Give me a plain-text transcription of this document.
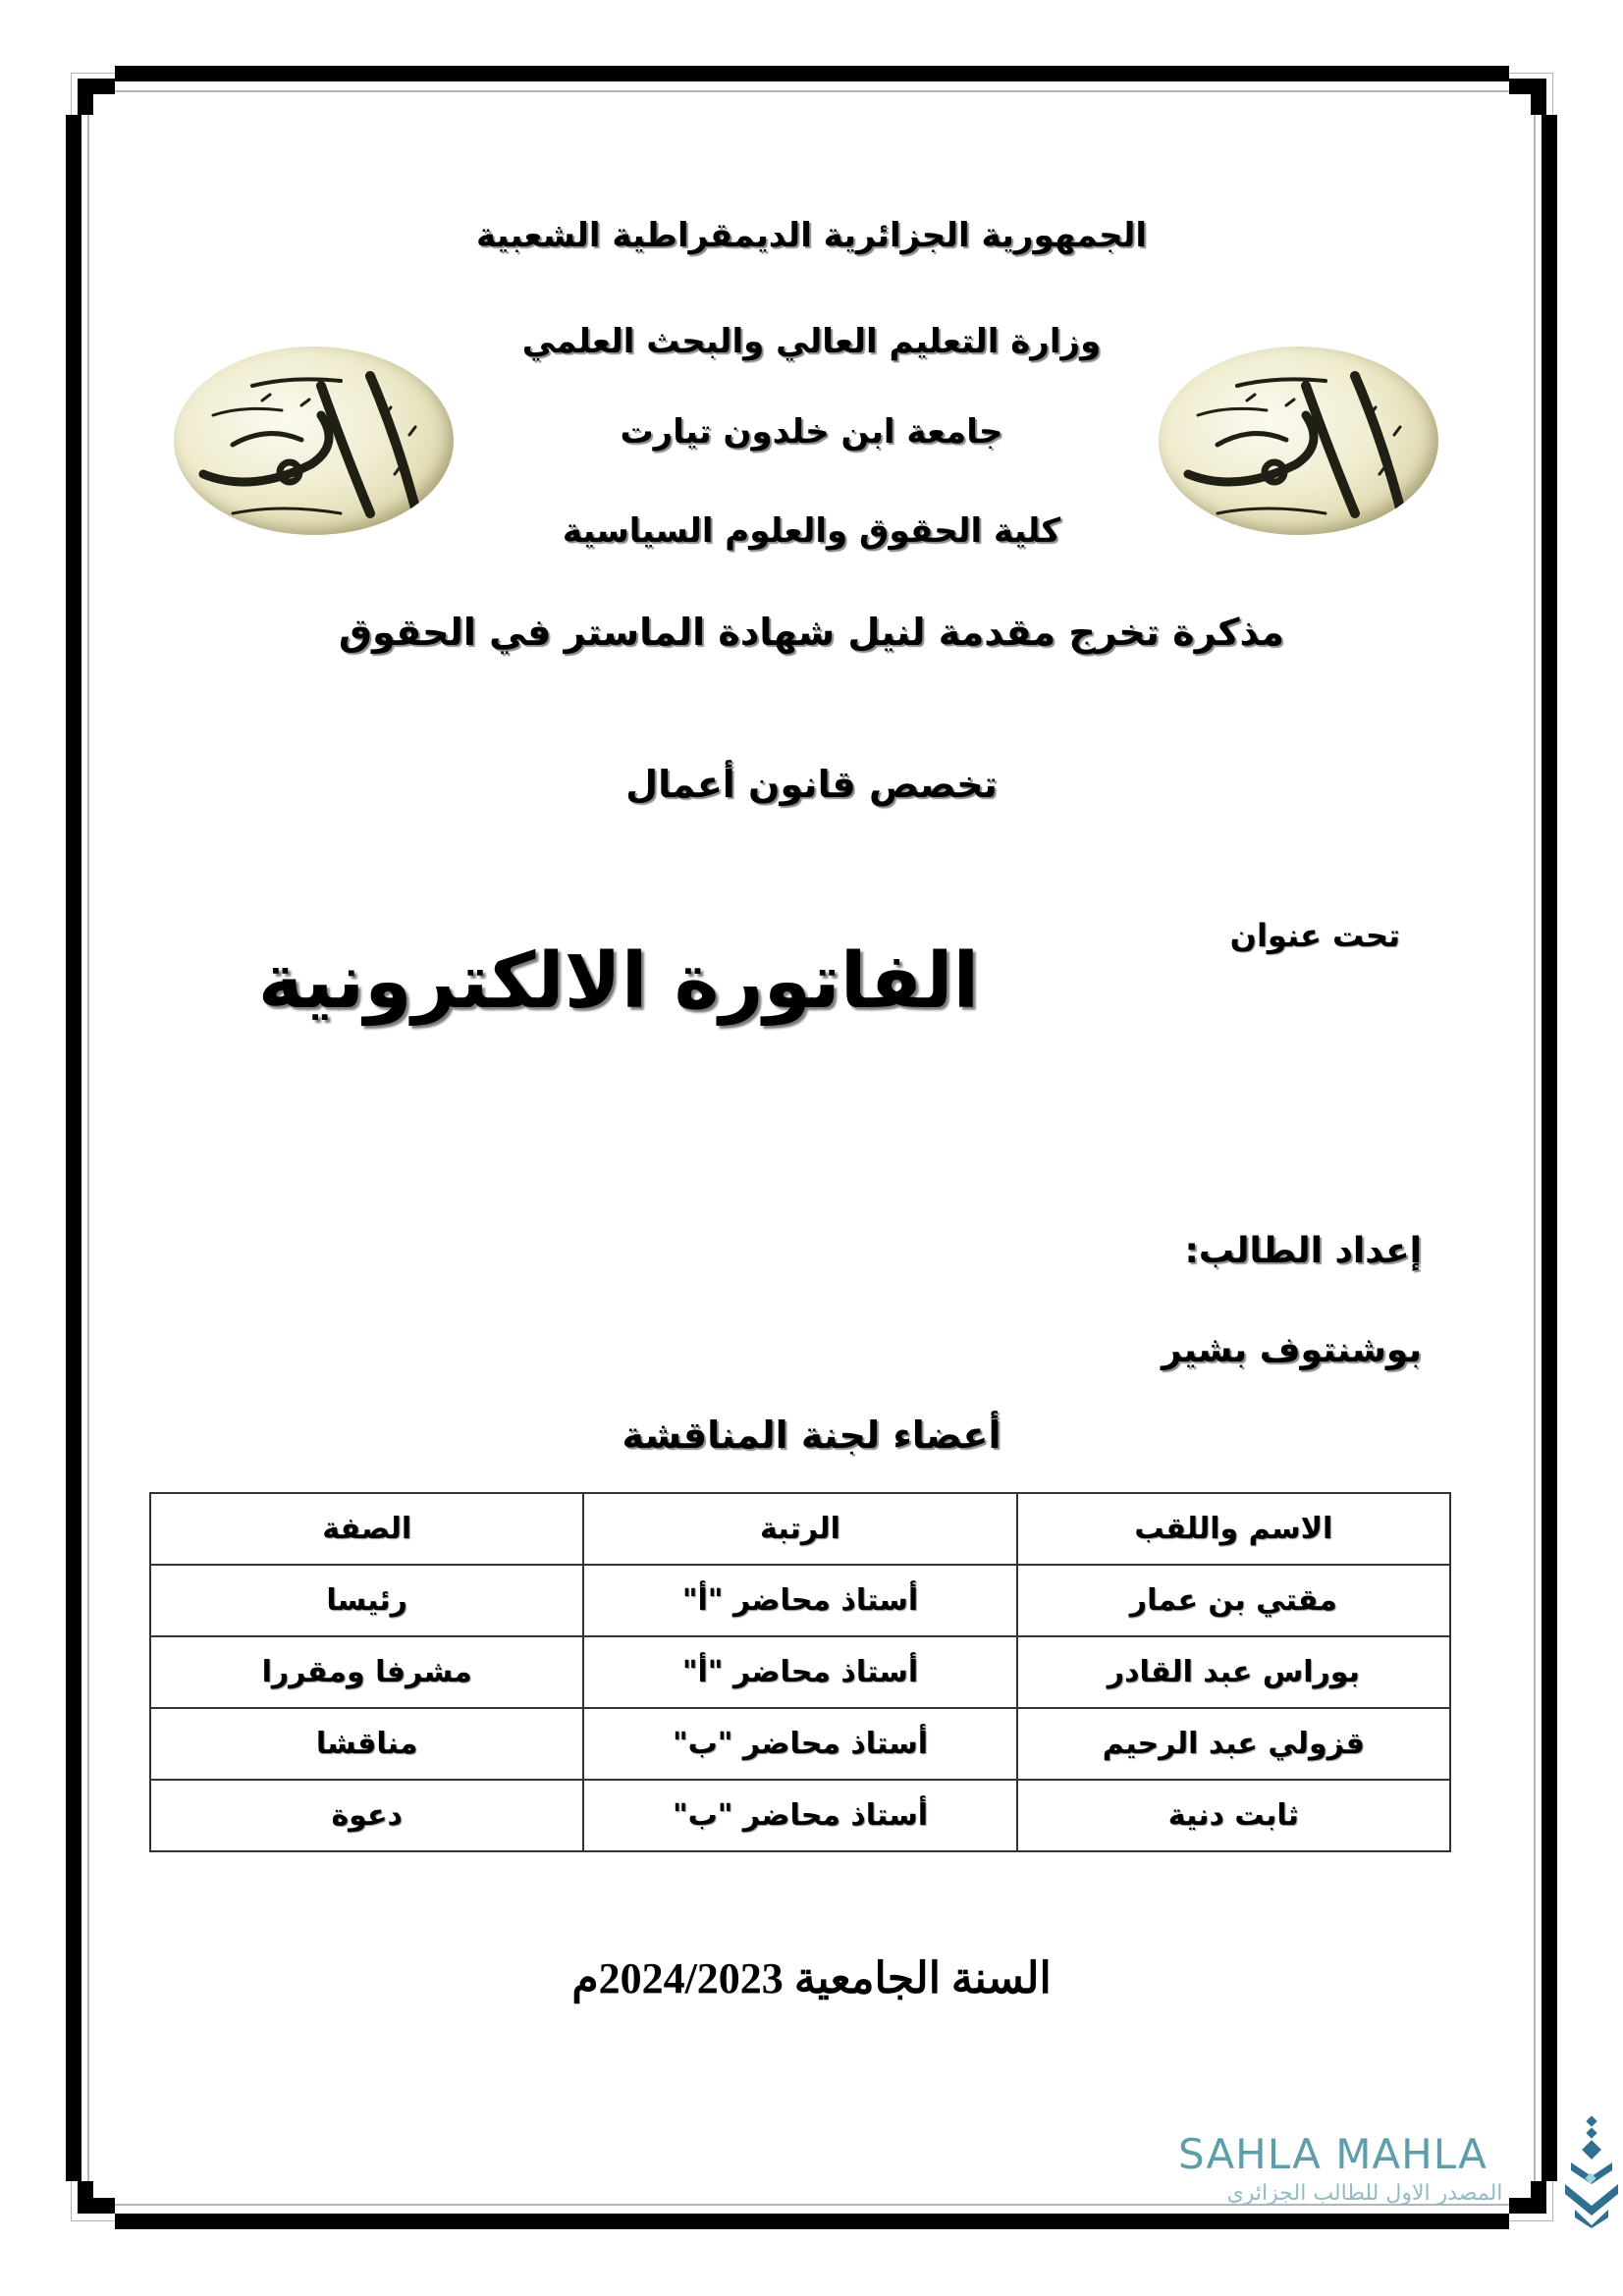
الجمهورية الجزائرية الديمقراطية الشعبية
وزارة التعليم العالي والبحث العلمي
جامعة ابن خلدون تيارت
كلية الحقوق والعلوم السياسية
مذكرة تخرج مقدمة لنيل شهادة الماستر في الحقوق
تخصص قانون أعمال
تحت عنوان
الفاتورة الالكترونية
إعداد الطالب:
بوشنتوف بشير
أعضاء لجنة المناقشة
الاسم واللقب	الرتبة	الصفة
مقتي بن عمار	أستاذ محاضر "أ"	رئيسا
بوراس عبد القادر	أستاذ محاضر "أ"	مشرفا ومقررا
قزولي عبد الرحيم	أستاذ محاضر "ب"	مناقشا
ثابت دنية	أستاذ محاضر "ب"	دعوة
السنة الجامعية 2024/2023م
SAHLA MAHLA
المصدر الاول للطالب الجزائري
